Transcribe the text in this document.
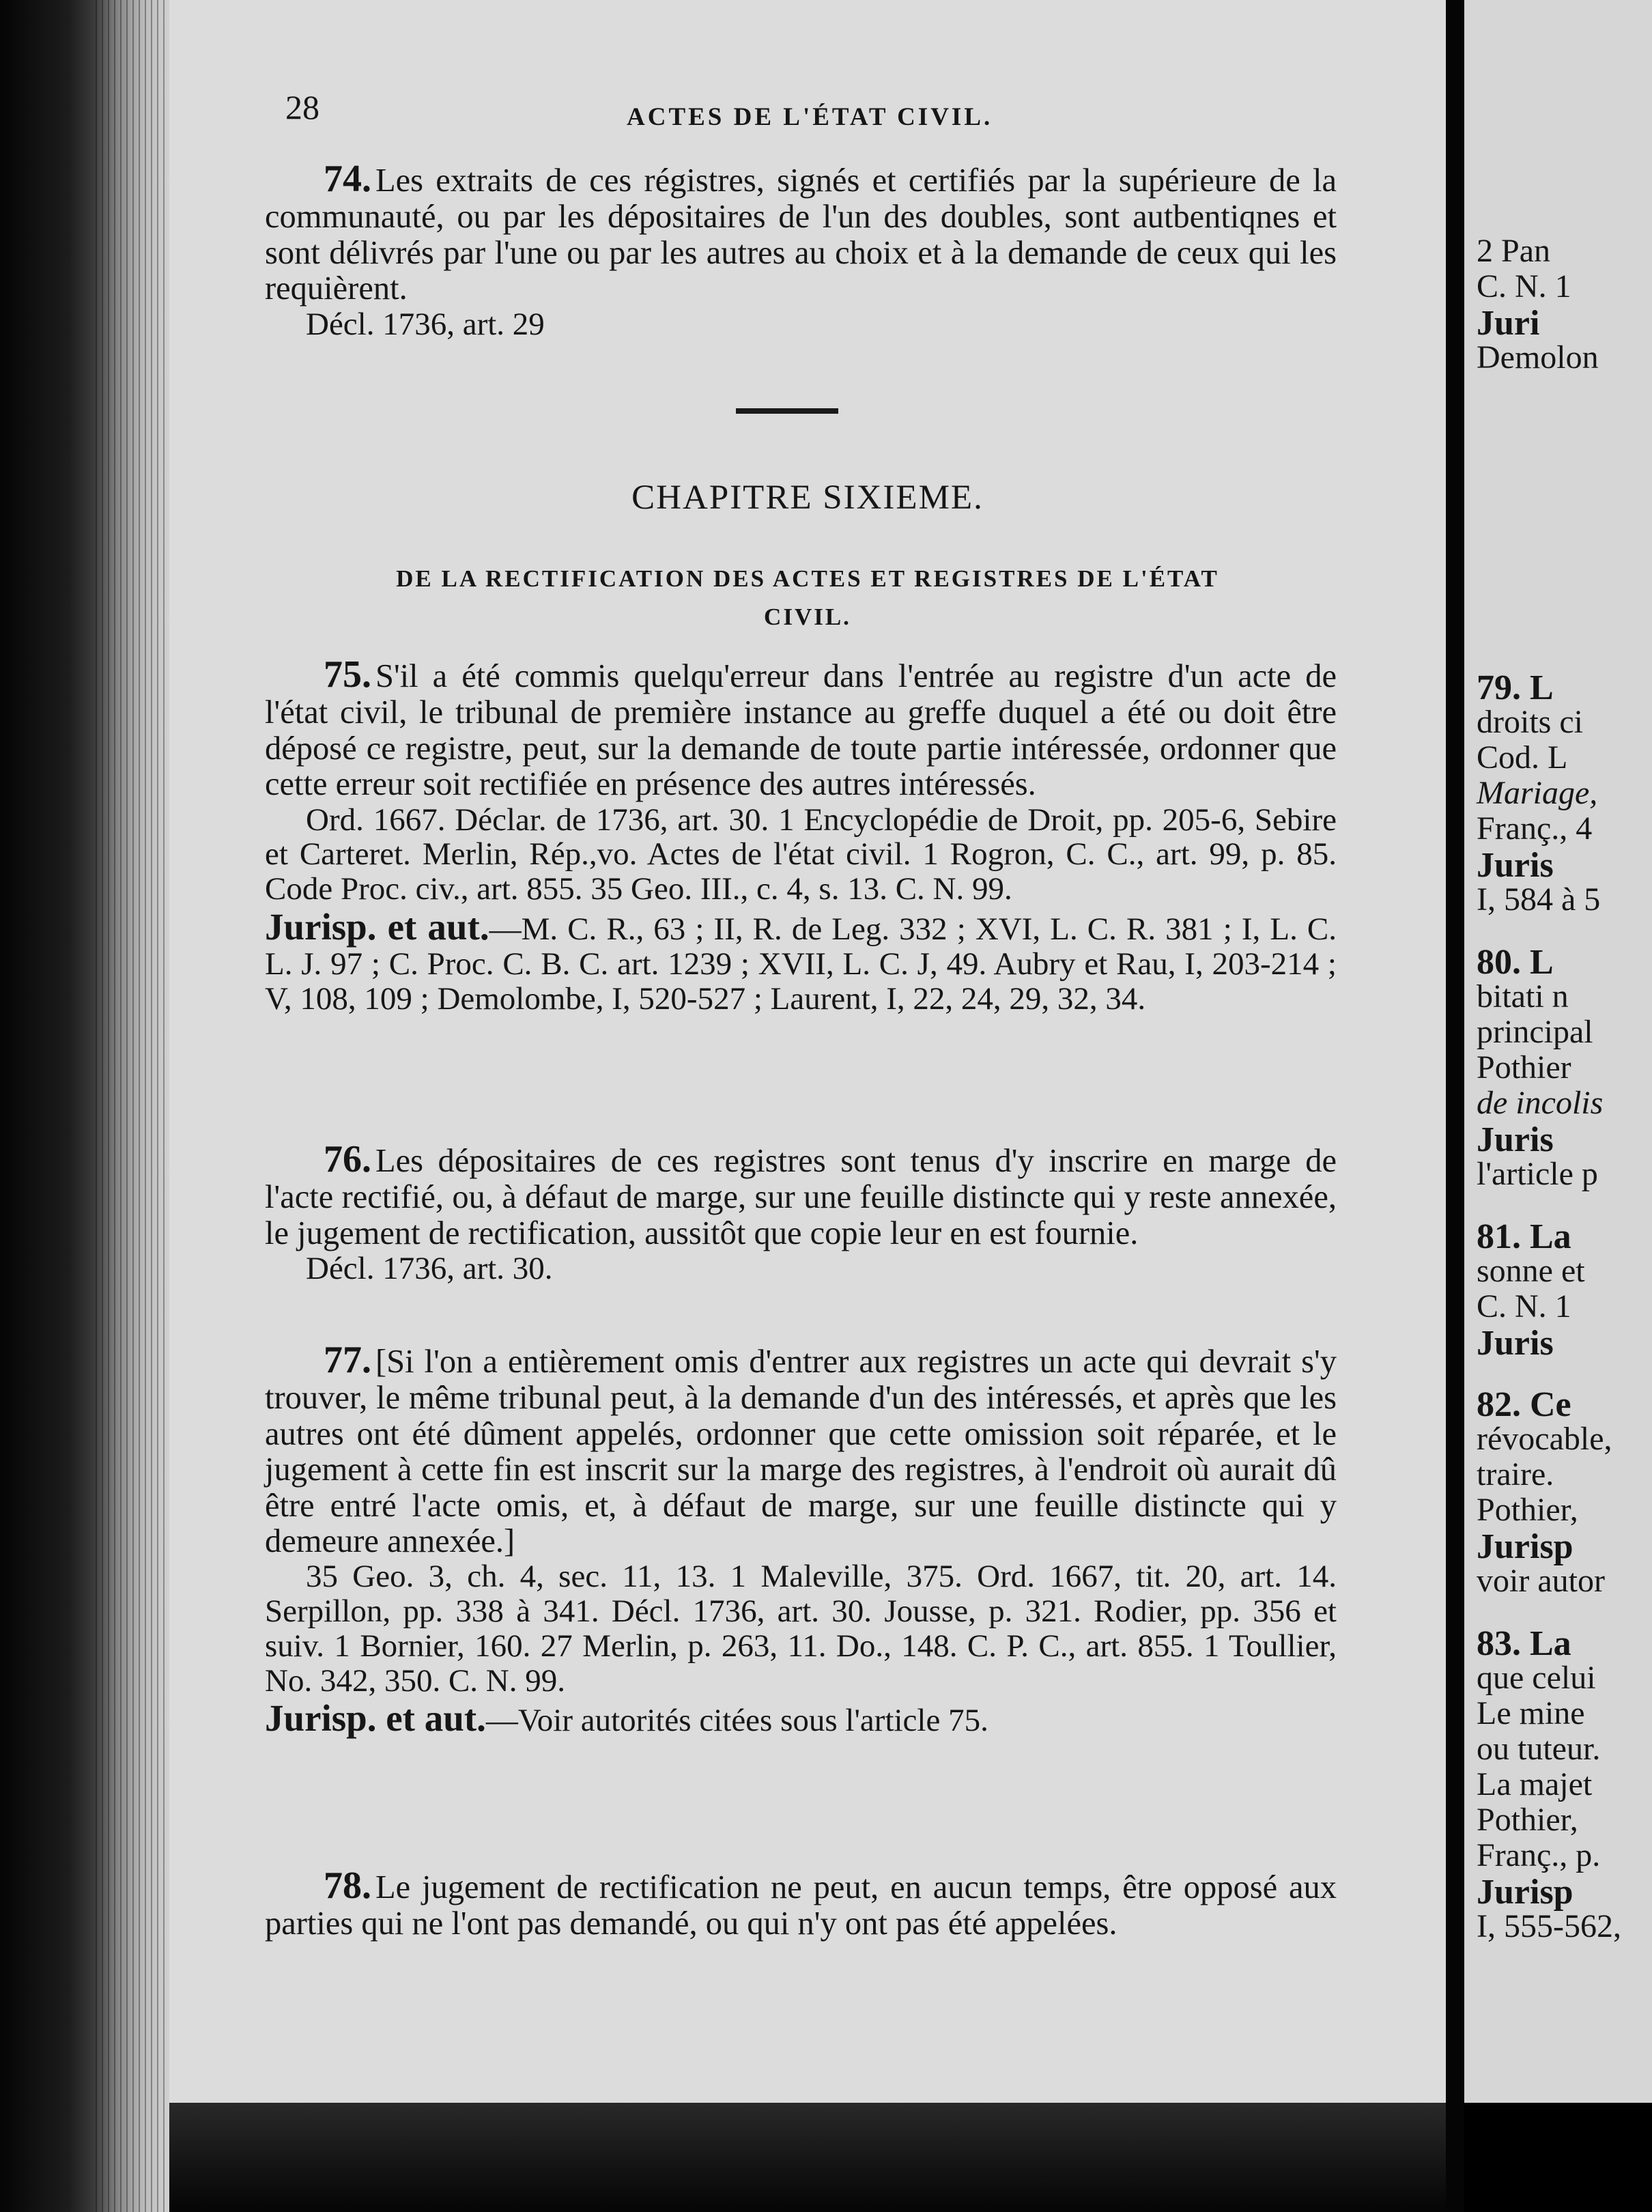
28	ACTES DE L'ÉTAT CIVIL.
74. Les extraits de ces régistres, signés et certifiés par la supérieure de la communauté, ou par les dépositaires de l'un des doubles, sont autbentiqnes et sont délivrés par l'une ou par les autres au choix et à la demande de ceux qui les requièrent.
Décl. 1736, art. 29
CHAPITRE SIXIEME.
DE LA RECTIFICATION DES ACTES ET REGISTRES DE L'ÉTAT CIVIL.
75. S'il a été commis quelqu'erreur dans l'entrée au registre d'un acte de l'état civil, le tribunal de première instance au greffe duquel a été ou doit être déposé ce registre, peut, sur la demande de toute partie intéressée, ordonner que cette erreur soit rectifiée en présence des autres intéressés.
Ord. 1667. Déclar. de 1736, art. 30. 1 Encyclopédie de Droit, pp. 205-6, Sebire et Carteret. Merlin, Rép.,vo. Actes de l'état civil. 1 Rogron, C. C., art. 99, p. 85. Code Proc. civ., art. 855. 35 Geo. III., c. 4, s. 13. C. N. 99.
Jurisp. et aut.—M. C. R., 63 ; II, R. de Leg. 332 ; XVI, L. C. R. 381 ; I, L. C. L. J. 97 ; C. Proc. C. B. C. art. 1239 ; XVII, L. C. J, 49. Aubry et Rau, I, 203-214 ; V, 108, 109 ; Demolombe, I, 520-527 ; Laurent, I, 22, 24, 29, 32, 34.
76. Les dépositaires de ces registres sont tenus d'y inscrire en marge de l'acte rectifié, ou, à défaut de marge, sur une feuille distincte qui y reste annexée, le jugement de rectification, aussitôt que copie leur en est fournie.
Décl. 1736, art. 30.
77. [Si l'on a entièrement omis d'entrer aux registres un acte qui devrait s'y trouver, le même tribunal peut, à la demande d'un des intéressés, et après que les autres ont été dûment appelés, ordonner que cette omission soit réparée, et le jugement à cette fin est inscrit sur la marge des registres, à l'endroit où aurait dû être entré l'acte omis, et, à défaut de marge, sur une feuille distincte qui y demeure annexée.]
35 Geo. 3, ch. 4, sec. 11, 13. 1 Maleville, 375. Ord. 1667, tit. 20, art. 14. Serpillon, pp. 338 à 341. Décl. 1736, art. 30. Jousse, p. 321. Rodier, pp. 356 et suiv. 1 Bornier, 160. 27 Merlin, p. 263, 11. Do., 148. C. P. C., art. 855. 1 Toullier, No. 342, 350. C. N. 99.
Jurisp. et aut.—Voir autorités citées sous l'article 75.
78. Le jugement de rectification ne peut, en aucun temps, être opposé aux parties qui ne l'ont pas demandé, ou qui n'y ont pas été appelées.
2 Pan
C. N. 1
Juri
Demolon
79. L
droits ci
Cod. L
Mariage,
Franç., 4
Juris
I, 584 à 5
80. L
bitati n
principal
Pothier
de incolis
Juris
l'article p
81. La
sonne et
C. N. 1
Juris
82. Ce
révocable,
traire.
Pothier,
Jurisp
voir autor
83. La
que celui
Le mine
ou tuteur.
La majet
Pothier,
Franç., p.
Jurisp
I, 555-562,
